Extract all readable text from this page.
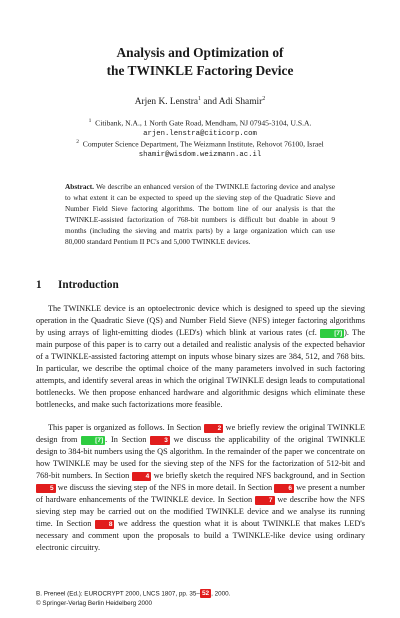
Analysis and Optimization of
the TWINKLE Factoring Device
Arjen K. Lenstra$^1$ and Adi Shamir$^2$
$^1$ Citibank, N.A., 1 North Gate Road, Mendham, NJ 07945-3104, U.S.A.
arjen.lenstra@citicorp.com
$^2$ Computer Science Department, The Weizmann Institute, Rehovot 76100, Israel
shamir@wisdom.weizmann.ac.il
Abstract. We describe an enhanced version of the TWINKLE factoring device and analyse to what extent it can be expected to speed up the sieving step of the Quadratic Sieve and Number Field Sieve factoring algorithms. The bottom line of our analysis is that the TWINKLE-assisted factorization of 768-bit numbers is difficult but doable in about 9 months (including the sieving and matrix parts) by a large organization which can use 80,000 standard Pentium II PC's and 5,000 TWINKLE devices.
1 Introduction

The TWINKLE device is an optoelectronic device which is designed to speed up the sieving operation in the Quadratic Sieve (QS) and Number Field Sieve (NFS) integer factoring algorithms by using arrays of light-emitting diodes (LED's) which blink at various rates (cf. [7] ). The main purpose of this paper is to carry out a detailed and realistic analysis of the expected behavior of a TWINKLE-assisted factoring attempt on inputs whose binary sizes are 384, 512, and 768 bits. In particular, we describe the optimal choice of the many parameters involved in such factoring attempts, and identify several areas in which the original TWINKLE design leads to computational bottlenecks. We then propose enhanced hardware and algorithmic designs which eliminate these bottlenecks, and make such factorizations more feasible.

This paper is organized as follows. In Section 2 we briefly review the original TWINKLE design from [7] . In Section 3 we discuss the applicability of the original TWINKLE design to 384-bit numbers using the QS algorithm. In the remainder of the paper we concentrate on how TWINKLE may be used for the sieving step of the NFS for the factorization of 512-bit and 768-bit numbers. In Section 4 we briefly sketch the required NFS background, and in Section 5 we discuss the sieving step of the NFS in more detail. In Section 6 we present a number of hardware enhancements of the TWINKLE device. In Section 7 we describe how the NFS sieving step may be carried out on the modified TWINKLE device and we analyse its running time. In Section 8 we address the question what it is about TWINKLE that makes LED's necessary and comment upon the proposals to build a TWINKLE-like device using ordinary electronic circuitry.

B. Preneel (Ed.): EUROCRYPT 2000, LNCS 1807, pp. 35– 52 , 2000.
© Springer-Verlag Berlin Heidelberg 2000
